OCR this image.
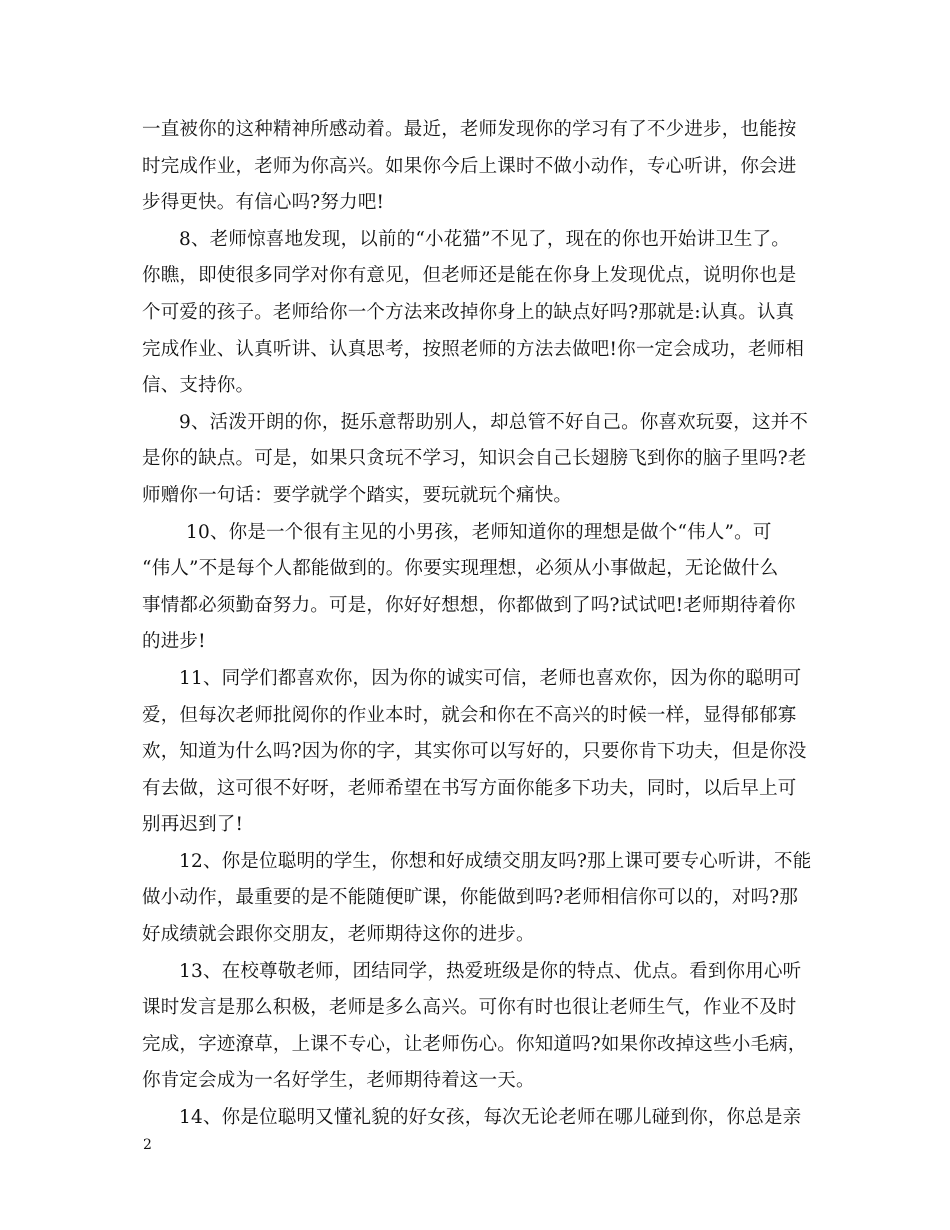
一直被你的这种精神所感动着。最近，老师发现你的学习有了不少进步，也能按
时完成作业，老师为你高兴。如果你今后上课时不做小动作，专心听讲，你会进
步得更快。有信心吗?努力吧!
8、老师惊喜地发现，以前的“小花猫”不见了，现在的你也开始讲卫生了。
你瞧，即使很多同学对你有意见，但老师还是能在你身上发现优点，说明你也是
个可爱的孩子。老师给你一个方法来改掉你身上的缺点好吗?那就是:认真。认真
完成作业、认真听讲、认真思考，按照老师的方法去做吧!你一定会成功，老师相
信、支持你。
9、活泼开朗的你，挺乐意帮助别人，却总管不好自己。你喜欢玩耍，这并不
是你的缺点。可是，如果只贪玩不学习，知识会自己长翅膀飞到你的脑子里吗?老
师赠你一句话：要学就学个踏实，要玩就玩个痛快。
10、你是一个很有主见的小男孩，老师知道你的理想是做个“伟人”。可
“伟人”不是每个人都能做到的。你要实现理想，必须从小事做起，无论做什么
事情都必须勤奋努力。可是，你好好想想，你都做到了吗?试试吧!老师期待着你
的进步!
11、同学们都喜欢你，因为你的诚实可信，老师也喜欢你，因为你的聪明可
爱，但每次老师批阅你的作业本时，就会和你在不高兴的时候一样，显得郁郁寡
欢，知道为什么吗?因为你的字，其实你可以写好的，只要你肯下功夫，但是你没
有去做，这可很不好呀，老师希望在书写方面你能多下功夫，同时，以后早上可
别再迟到了!
12、你是位聪明的学生，你想和好成绩交朋友吗?那上课可要专心听讲，不能
做小动作，最重要的是不能随便旷课，你能做到吗?老师相信你可以的，对吗?那
好成绩就会跟你交朋友，老师期待这你的进步。
13、在校尊敬老师，团结同学，热爱班级是你的特点、优点。看到你用心听
课时发言是那么积极，老师是多么高兴。可你有时也很让老师生气，作业不及时
完成，字迹潦草，上课不专心，让老师伤心。你知道吗?如果你改掉这些小毛病，
你肯定会成为一名好学生，老师期待着这一天。
14、你是位聪明又懂礼貌的好女孩，每次无论老师在哪儿碰到你，你总是亲
2
